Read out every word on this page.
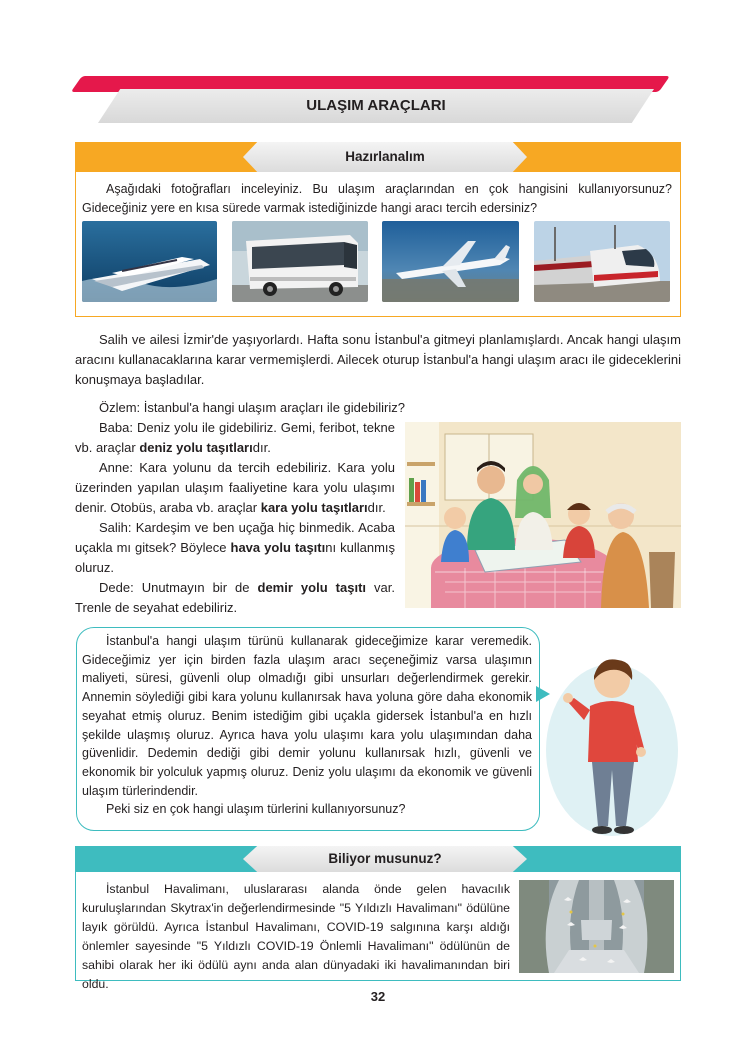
ULAŞIM ARAÇLARI
Hazırlanalım
Aşağıdaki fotoğrafları inceleyiniz. Bu ulaşım araçlarından en çok hangisini kullanıyorsunuz? Gideceğiniz yere en kısa sürede varmak istediğinizde hangi aracı tercih edersiniz?
Salih ve ailesi İzmir'de yaşıyorlardı. Hafta sonu İstanbul'a gitmeyi planlamışlardı. Ancak hangi ulaşım aracını kullanacaklarına karar vermemişlerdi. Ailecek oturup İstanbul'a hangi ulaşım aracı ile gideceklerini konuşmaya başladılar.
Özlem: İstanbul'a hangi ulaşım araçları ile gidebiliriz?
Baba: Deniz yolu ile gidebiliriz. Gemi, feribot, tekne vb. araçlar deniz yolu taşıtlarıdır.
Anne: Kara yolunu da tercih edebiliriz. Kara yolu üzerinden yapılan ulaşım faaliyetine kara yolu ulaşımı denir. Otobüs, araba vb. araçlar kara yolu taşıtlarıdır.
Salih: Kardeşim ve ben uçağa hiç binmedik. Acaba uçakla mı gitsek? Böylece hava yolu taşıtını kullanmış oluruz.
Dede: Unutmayın bir de demir yolu taşıtı var. Trenle de seyahat edebiliriz.
İstanbul'a hangi ulaşım türünü kullanarak gideceğimize karar veremedik. Gideceğimiz yer için birden fazla ulaşım aracı seçeneğimiz varsa ulaşımın maliyeti, süresi, güvenli olup olmadığı gibi unsurları değerlendirmek gerekir. Annemin söylediği gibi kara yolunu kullanırsak hava yoluna göre daha ekonomik seyahat etmiş oluruz. Benim istediğim gibi uçakla gidersek İstanbul'a en hızlı şekilde ulaşmış oluruz. Ayrıca hava yolu ulaşımı kara yolu ulaşımından daha güvenlidir. Dedemin dediği gibi demir yolunu kullanırsak hızlı, güvenli ve ekonomik bir yolculuk yapmış oluruz. Deniz yolu ulaşımı da ekonomik ve güvenli ulaşım türlerindendir.
Peki siz en çok hangi ulaşım türlerini kullanıyorsunuz?
Biliyor musunuz?
İstanbul Havalimanı, uluslararası alanda önde gelen havacılık kuruluşlarından Skytrax'in değerlendirmesinde "5 Yıldızlı Havalimanı" ödülüne layık görüldü. Ayrıca İstanbul Havalimanı, COVID-19 salgınına karşı aldığı önlemler sayesinde "5 Yıldızlı COVID-19 Önlemli Havalimanı" ödülünün de sahibi olarak her iki ödülü aynı anda alan dünyadaki iki havalimanından biri oldu.
32
